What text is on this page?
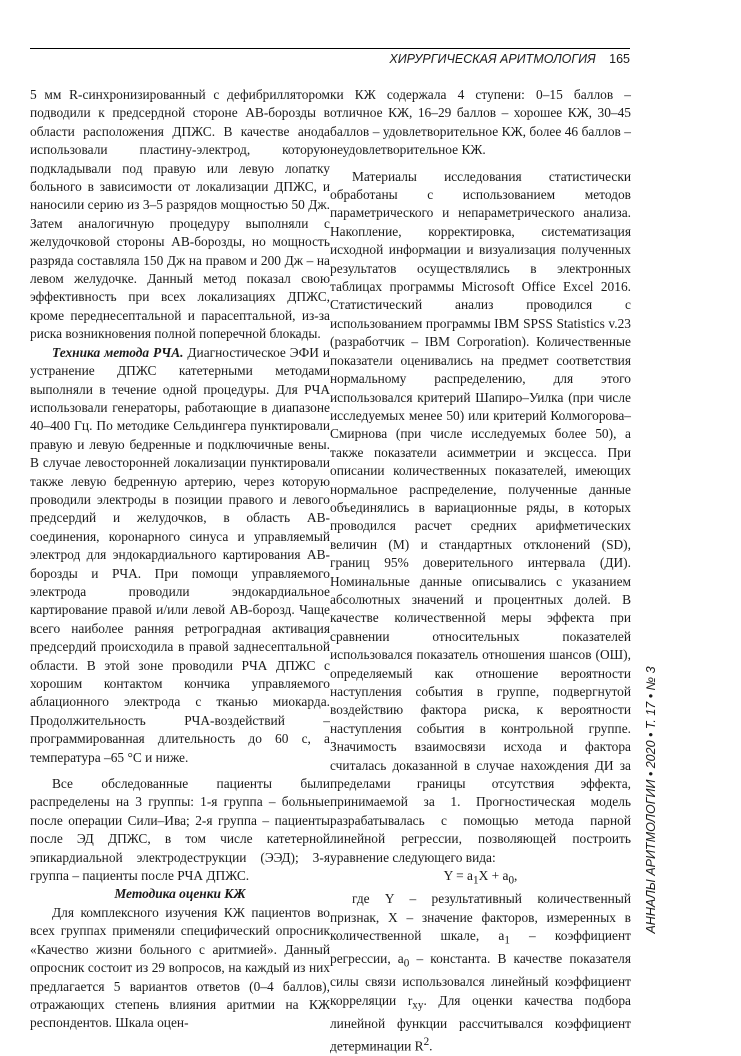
ХИРУРГИЧЕСКАЯ АРИТМОЛОГИЯ 165

5 мм R-синхронизированный с дефибриллятором подводили к предсердной стороне АВ-борозды в области расположения ДПЖС. В качестве анода использовали пластину-электрод, которую подкладывали под правую или левую лопатку больного в зависимости от локализации ДПЖС, и наносили серию из 3–5 разрядов мощностью 50 Дж. Затем аналогичную процедуру выполняли с желудочковой стороны АВ-борозды, но мощность разряда составляла 150 Дж на правом и 200 Дж – на левом желудочке. Данный метод показал свою эффективность при всех локализациях ДПЖС, кроме переднесептальной и парасептальной, из-за риска возникновения полной поперечной блокады.

Техника метода РЧА. Диагностическое ЭФИ и устранение ДПЖС катетерными методами выполняли в течение одной процедуры. Для РЧА использовали генераторы, работающие в диапазоне 40–400 Гц. По методике Сельдингера пунктировали правую и левую бедренные и подключичные вены. В случае левосторонней локализации пунктировали также левую бедренную артерию, через которую проводили электроды в позиции правого и левого предсердий и желудочков, в область АВ-соединения, коронарного синуса и управляемый электрод для эндокардиального картирования АВ-борозды и РЧА. При помощи управляемого электрода проводили эндокардиальное картирование правой и/или левой АВ-борозд. Чаще всего наиболее ранняя ретроградная активация предсердий происходила в правой заднесептальной области. В этой зоне проводили РЧА ДПЖС с хорошим контактом кончика управляемого аблационного электрода с тканью миокарда. Продолжительность РЧА-воздействий – программированная длительность до 60 с, а температура –65 °С и ниже.

Все обследованные пациенты были распределены на 3 группы: 1-я группа – больные после операции Сили–Ива; 2-я группа – пациенты после ЭД ДПЖС, в том числе катетерной эпикардиальной электродеструкции (ЭЭД); 3-я группа – пациенты после РЧА ДПЖС.

Методика оценки КЖ

Для комплексного изучения КЖ пациентов во всех группах применяли специфический опросник «Качество жизни больного с аритмией». Данный опросник состоит из 29 вопросов, на каждый из них предлагается 5 вариантов ответов (0–4 баллов), отражающих степень влияния аритмии на КЖ респондентов. Шкала оцен-

ки КЖ содержала 4 ступени: 0–15 баллов – отличное КЖ, 16–29 баллов – хорошее КЖ, 30–45 баллов – удовлетворительное КЖ, более 46 баллов – неудовлетворительное КЖ.

Материалы исследования статистически обработаны с использованием методов параметрического и непараметрического анализа. Накопление, корректировка, систематизация исходной информации и визуализация полученных результатов осуществлялись в электронных таблицах программы Microsoft Office Excel 2016. Статистический анализ проводился с использованием программы IBM SPSS Statistics v.23 (разработчик – IBM Corporation). Количественные показатели оценивались на предмет соответствия нормальному распределению, для этого использовался критерий Шапиро–Уилка (при числе исследуемых менее 50) или критерий Колмогорова–Смирнова (при числе исследуемых более 50), а также показатели асимметрии и эксцесса. При описании количественных показателей, имеющих нормальное распределение, полученные данные объединялись в вариационные ряды, в которых проводился расчет средних арифметических величин (М) и стандартных отклонений (SD), границ 95% доверительного интервала (ДИ). Номинальные данные описывались с указанием абсолютных значений и процентных долей. В качестве количественной меры эффекта при сравнении относительных показателей использовался показатель отношения шансов (ОШ), определяемый как отношение вероятности наступления события в группе, подвергнутой воздействию фактора риска, к вероятности наступления события в контрольной группе. Значимость взаимосвязи исхода и фактора считалась доказанной в случае нахождения ДИ за пределами границы отсутствия эффекта, принимаемой за 1. Прогностическая модель разрабатывалась с помощью метода парной линейной регрессии, позволяющей построить уравнение следующего вида:

$Y = a_1X + a_0$,

где Y – результативный количественный признак, X – значение факторов, измеренных в количественной шкале, $a_1$ – коэффициент регрессии, $a_0$ – константа. В качестве показателя силы связи использовался линейный коэффициент корреляции $r_{xy}$. Для оценки качества подбора линейной функции рассчитывался коэффициент детерминации $R^2$.

АННАЛЫ АРИТМОЛОГИИ • 2020 • Т. 17 • № 3
